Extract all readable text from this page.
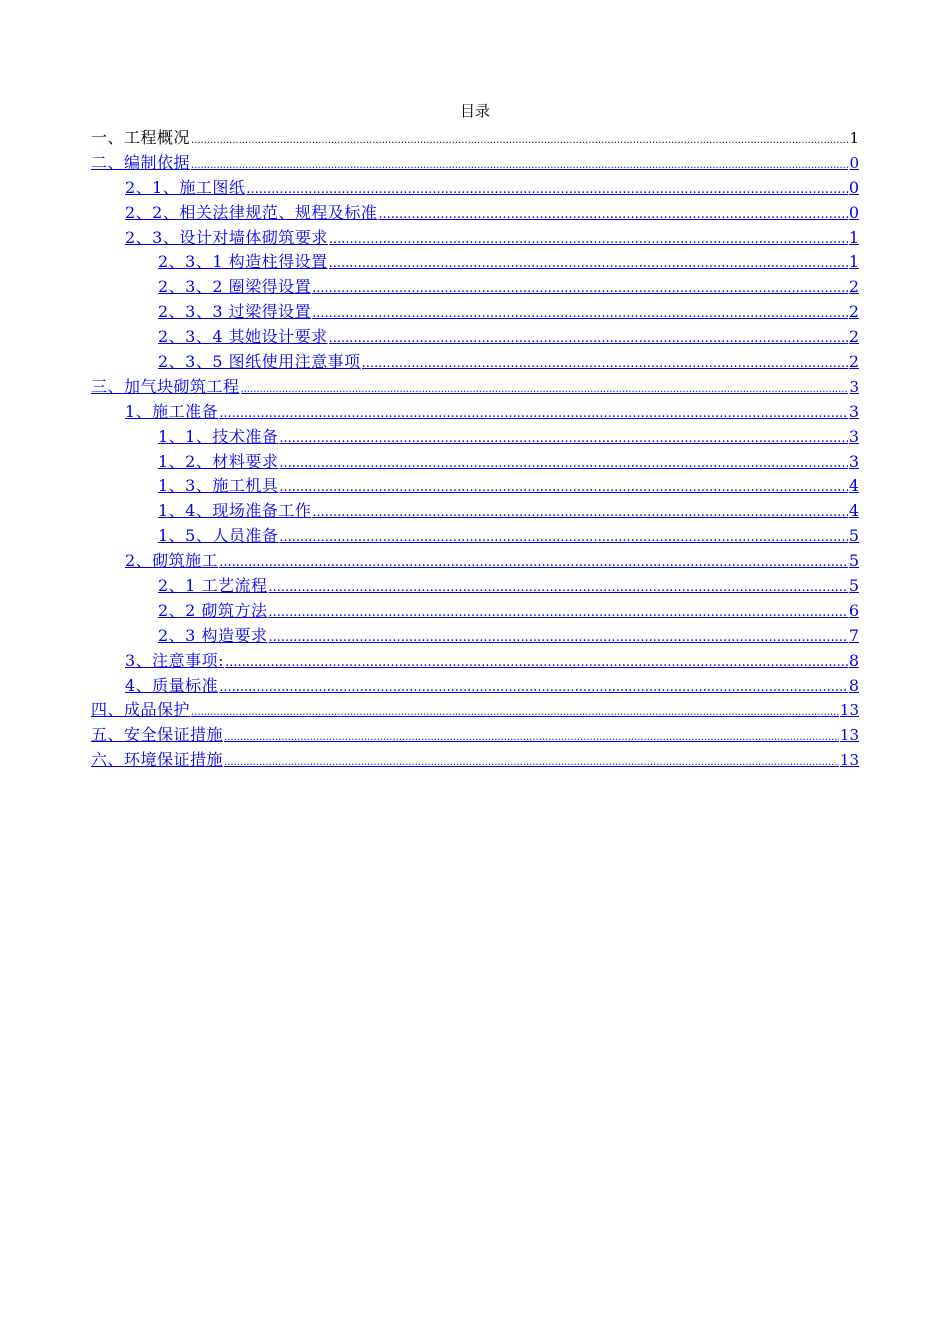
目录
一、工程概况 .....	1
二、编制依据 .....	0
2、1、施工图纸 .....	0
2、2、相关法律规范、规程及标准 .....	0
2、3、设计对墙体砌筑要求 .....	1
2、3、1 构造柱得设置 .....	1
2、3、2 圈梁得设置 .....	2
2、3、3 过梁得设置 .....	2
2、3、4 其她设计要求 .....	2
2、3、5 图纸使用注意事项 .....	2
三、加气块砌筑工程 .....	3
1、施工准备 .....	3
1、1、技术准备 .....	3
1、2、材料要求 .....	3
1、3、施工机具 .....	4
1、4、现场准备工作 .....	4
1、5、人员准备 .....	5
2、砌筑施工 .....	5
2、1 工艺流程 .....	5
2、2 砌筑方法 .....	6
2、3 构造要求 .....	7
3、注意事项: .....	8
4、质量标准 .....	8
四、成品保护 .....	13
五、安全保证措施 .....	13
六、环境保证措施 .....	13
